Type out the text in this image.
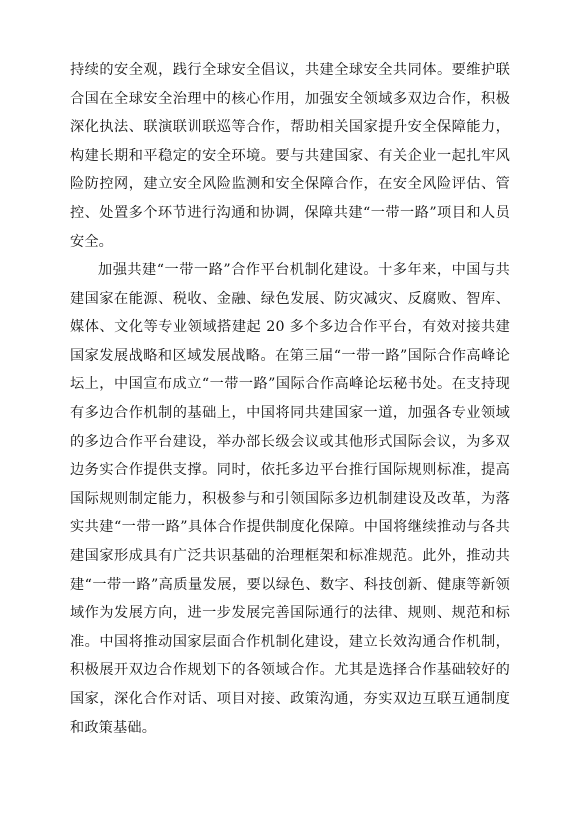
持续的安全观，践行全球安全倡议，共建全球安全共同体。要维护联合国在全球安全治理中的核心作用，加强安全领域多双边合作，积极深化执法、联演联训联巡等合作，帮助相关国家提升安全保障能力，构建长期和平稳定的安全环境。要与共建国家、有关企业一起扎牢风险防控网，建立安全风险监测和安全保障合作，在安全风险评估、管控、处置多个环节进行沟通和协调，保障共建“一带一路”项目和人员安全。

加强共建“一带一路”合作平台机制化建设。十多年来，中国与共建国家在能源、税收、金融、绿色发展、防灾减灾、反腐败、智库、媒体、文化等专业领域搭建起 20 多个多边合作平台，有效对接共建国家发展战略和区域发展战略。在第三届“一带一路”国际合作高峰论坛上，中国宣布成立“一带一路”国际合作高峰论坛秘书处。在支持现有多边合作机制的基础上，中国将同共建国家一道，加强各专业领域的多边合作平台建设，举办部长级会议或其他形式国际会议，为多双边务实合作提供支撑。同时，依托多边平台推行国际规则标准，提高国际规则制定能力，积极参与和引领国际多边机制建设及改革，为落实共建“一带一路”具体合作提供制度化保障。中国将继续推动与各共建国家形成具有广泛共识基础的治理框架和标准规范。此外，推动共建“一带一路”高质量发展，要以绿色、数字、科技创新、健康等新领域作为发展方向，进一步发展完善国际通行的法律、规则、规范和标准。中国将推动国家层面合作机制化建设，建立长效沟通合作机制，积极展开双边合作规划下的各领域合作。尤其是选择合作基础较好的国家，深化合作对话、项目对接、政策沟通，夯实双边互联互通制度和政策基础。
